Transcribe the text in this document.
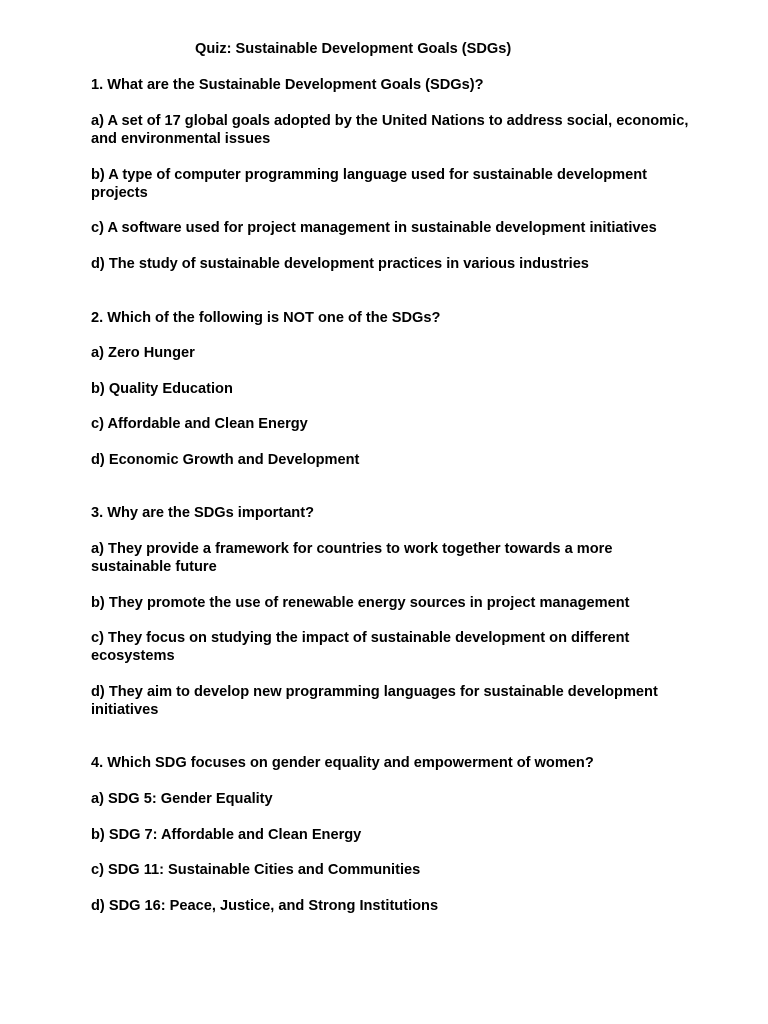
Quiz: Sustainable Development Goals (SDGs)

1. What are the Sustainable Development Goals (SDGs)?

a) A set of 17 global goals adopted by the United Nations to address social, economic, and environmental issues

b) A type of computer programming language used for sustainable development projects

c) A software used for project management in sustainable development initiatives

d) The study of sustainable development practices in various industries

2. Which of the following is NOT one of the SDGs?

a) Zero Hunger

b) Quality Education

c) Affordable and Clean Energy

d) Economic Growth and Development

3. Why are the SDGs important?

a) They provide a framework for countries to work together towards a more sustainable future

b) They promote the use of renewable energy sources in project management

c) They focus on studying the impact of sustainable development on different ecosystems

d) They aim to develop new programming languages for sustainable development initiatives

4. Which SDG focuses on gender equality and empowerment of women?

a) SDG 5: Gender Equality

b) SDG 7: Affordable and Clean Energy

c) SDG 11: Sustainable Cities and Communities

d) SDG 16: Peace, Justice, and Strong Institutions
